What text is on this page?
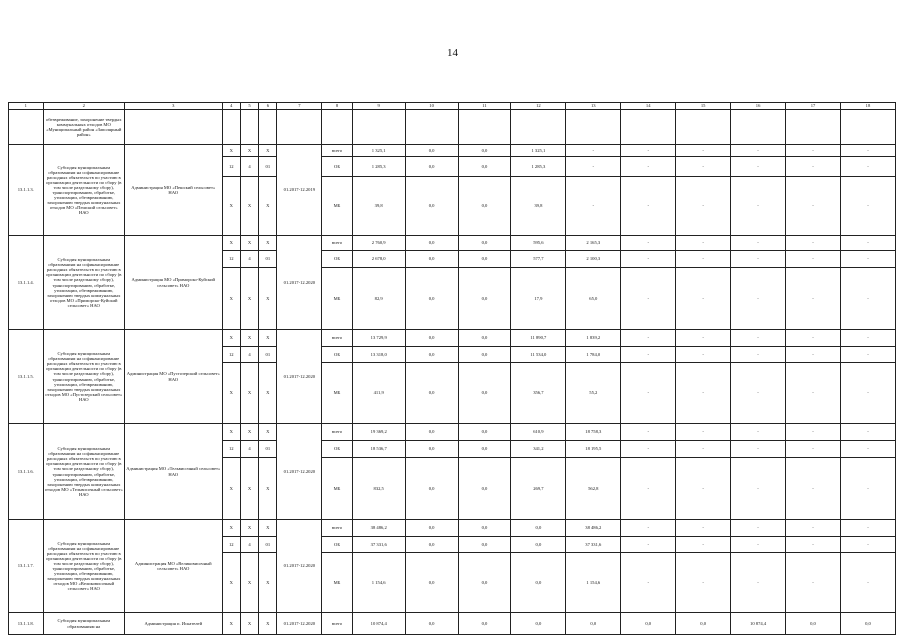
14
1	2	3	4	5	6	7	8	9	10	11	12	13	14	15	16	17	18
	обезвреживание, захоронение твердых коммунальных отходов МО «Муниципальный район «Заполярный район»																
13.1.1.3.	Субсидия муниципальным образованиям на софинансирование расходных обязательств по участию в организации деятельности по сбору (в том числе раздельному сбору), транспортированию, обработке, утилизации, обезвреживанию, захоронению твердых коммунальных отходов МО «Пешский сельсовет» НАО	Администрация МО «Пешский сельсовет» НАО	X	X	X	01.2017-12.2019	всего	1 325,1	0,0	0,0	1 325,1	-	-	-	-	-	-
			12	4	01		ОБ	1 285,3	0,0	0,0	1 285,3	-	-	-	-	-	-
			X	X	X		МБ	39,8	0,0	0,0	39,8	-	-	-	-	-	-
13.1.1.4.	Субсидия муниципальным образованиям на софинансирование расходных обязательств по участию в организации деятельности по сбору (в том числе раздельному сбору), транспортированию, обработке, утилизации, обезвреживанию, захоронению твердых коммунальных отходов МО «Приморско-Куйский сельсовет» НАО	Администрация МО «Приморско-Куйский сельсовет» НАО	X	X	X	01.2017-12.2020	всего	2 760,9	0,0	0,0	595,6	2 165,3	-	-	-	-	-
			12	4	01		ОБ	2 678,0	0,0	0,0	577,7	2 100,3	-	-	-	-	-
			X	X	X		МБ	82,9	0,0	0,0	17,9	65,0	-	-	-	-	-
13.1.1.5.	Субсидия муниципальным образованиям на софинансирование расходных обязательств по участию в организации деятельности по сбору (в том числе раздельному сбору), транспортированию, обработке, утилизации, обезвреживанию, захоронению твердых коммунальных отходов МО «Пустозерский сельсовет» НАО	Администрация МО «Пустозерский сельсовет» НАО	X	X	X	01.2017-12.2020	всего	13 729,9	0,0	0,0	11 890,7	1 839,2	-	-	-	-	-
			12	4	01		ОБ	13 318,0	0,0	0,0	11 534,0	1 784,0	-	-	-	-	-
			X	X	X		МБ	411,9	0,0	0,0	356,7	55,2	-	-	-	-	-
13.1.1.6.	Субсидия муниципальным образованиям на софинансирование расходных обязательств по участию в организации деятельности по сбору (в том числе раздельному сбору), транспортированию, обработке, утилизации, обезвреживанию, захоронению твердых коммунальных отходов МО «Тельвисочный сельсовет» НАО	Администрация МО «Тельвисочный сельсовет» НАО	X	X	X	01.2017-12.2020	всего	19 369,2	0,0	0,0	610,9	18 758,3	-	-	-	-	-
			12	4	01		ОБ	18 536,7	0,0	0,0	341,2	18 195,5	-	-	-	-	-
			X	X	X		МБ	832,5	0,0	0,0	269,7	562,8	-	-	-	-	-
13.1.1.7.	Субсидия муниципальным образованиям на софинансирование расходных обязательств по участию в организации деятельности по сбору (в том числе раздельному сбору), транспортированию, обработке, утилизации, обезвреживанию, захоронению твердых коммунальных отходов МО «Великовисочный сельсовет» НАО	Администрация МО «Великовисочный сельсовет» НАО	X	X	X	01.2017-12.2020	всего	38 486,2	0,0	0,0	0,0	38 486,2	-	-	-	-	-
			12	4	01		ОБ	37 331,6	0,0	0,0	0,0	37 331,6	-	-	-	-	-
			X	X	X		МБ	1 154,6	0,0	0,0	0,0	1 154,6	-	-	-	-	-
13.1.1.8.	Субсидия муниципальным образованиям на	Администрация п. Искателей	X	X	X	01.2017-12.2020	всего	10 874,4	0,0	0,0	0,0	0,0	0,0	0,0	10 874,4	0,0	0,0
